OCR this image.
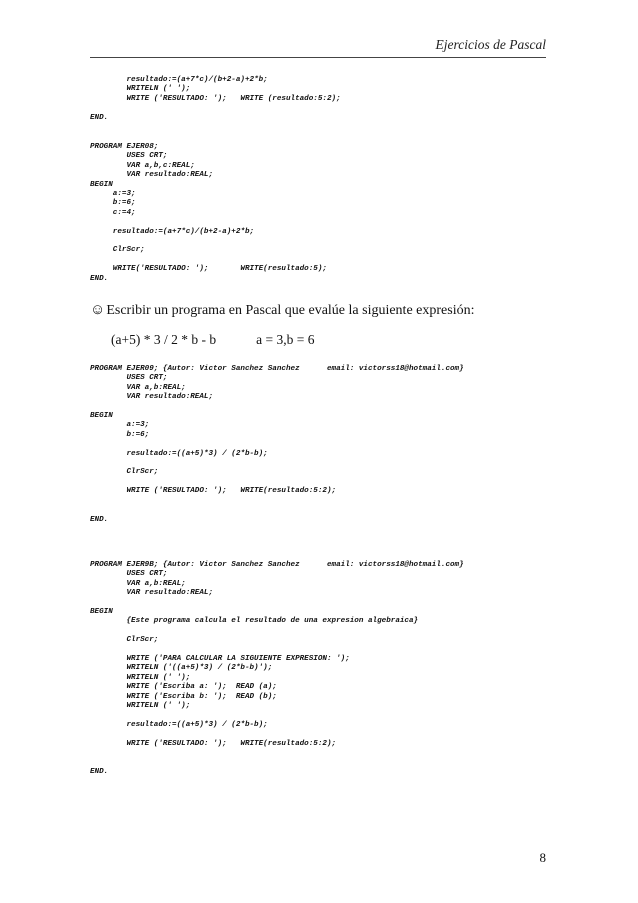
Ejercicios de Pascal
resultado:=(a+7*c)/(b+2-a)+2*b;
WRITELN (' ');
WRITE ('RESULTADO: ');   WRITE (resultado:5:2);

END.
PROGRAM EJER08;
USES CRT;
VAR a,b,c:REAL;
VAR resultado:REAL;
BEGIN
a:=3;
b:=6;
c:=4;

resultado:=(a+7*c)/(b+2-a)+2*b;

ClrScr;

WRITE('RESULTADO: ');       WRITE(resultado:5);
END.
☺Escribir un programa en Pascal que evalúe la siguiente expresión:
(a+5) * 3 / 2 * b - b	a = 3,b = 6
PROGRAM EJER09; {Autor: Victor Sanchez Sanchez      email: victorss18@hotmail.com}
USES CRT;
VAR a,b:REAL;
VAR resultado:REAL;

BEGIN
a:=3;
b:=6;

resultado:=((a+5)*3) / (2*b-b);

ClrScr;

WRITE ('RESULTADO: ');   WRITE(resultado:5:2);

END.
PROGRAM EJER9B; {Autor: Victor Sanchez Sanchez      email: victorss18@hotmail.com}
USES CRT;
VAR a,b:REAL;
VAR resultado:REAL;

BEGIN
{Este programa calcula el resultado de una expresion algebraica}

ClrScr;

WRITE ('PARA CALCULAR LA SIGUIENTE EXPRESION: ');
WRITELN ('((a+5)*3) / (2*b-b)');
WRITELN (' ');
WRITE ('Escriba a: ');  READ (a);
WRITE ('Escriba b: ');  READ (b);
WRITELN (' ');

resultado:=((a+5)*3) / (2*b-b);

WRITE ('RESULTADO: ');   WRITE(resultado:5:2);

END.
8
